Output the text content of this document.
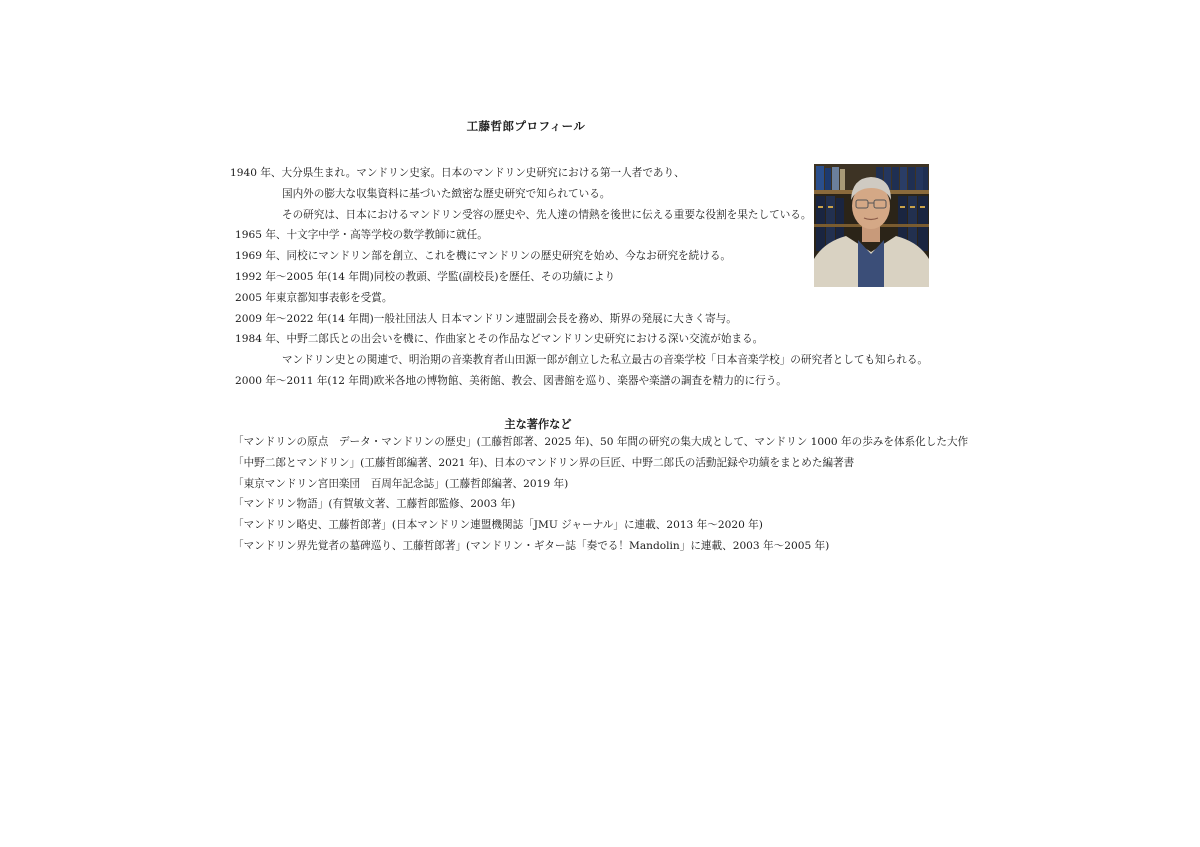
工藤哲郎プロフィール
1940 年、大分県生まれ。マンドリン史家。日本のマンドリン史研究における第一人者であり、
国内外の膨大な収集資料に基づいた緻密な歴史研究で知られている。
その研究は、日本におけるマンドリン受容の歴史や、先人達の情熱を後世に伝える重要な役割を果たしている。
1965 年、十文字中学・高等学校の数学教師に就任。
1969 年、同校にマンドリン部を創立、これを機にマンドリンの歴史研究を始め、今なお研究を続ける。
1992 年～2005 年(14 年間)同校の教頭、学監(副校長)を歴任、その功績により
2005 年東京都知事表彰を受賞。
2009 年～2022 年(14 年間)一般社団法人 日本マンドリン連盟副会長を務め、斯界の発展に大きく寄与。
1984 年、中野二郎氏との出会いを機に、作曲家とその作品などマンドリン史研究における深い交流が始まる。
マンドリン史との関連で、明治期の音楽教育者山田源一郎が創立した私立最古の音楽学校「日本音楽学校」の研究者としても知られる。
2000 年～2011 年(12 年間)欧米各地の博物館、美術館、教会、図書館を巡り、楽器や楽譜の調査を精力的に行う。
主な著作など
「マンドリンの原点　データ・マンドリンの歴史」(工藤哲郎著、2025 年)、50 年間の研究の集大成として、マンドリン 1000 年の歩みを体系化した大作
「中野二郎とマンドリン」(工藤哲郎編著、2021 年)、日本のマンドリン界の巨匠、中野二郎氏の活動記録や功績をまとめた編著書
「東京マンドリン宮田楽団　百周年記念誌」(工藤哲郎編著、2019 年)
「マンドリン物語」(有賀敏文著、工藤哲郎監修、2003 年)
「マンドリン略史、工藤哲郎著」(日本マンドリン連盟機関誌「JMU ジャーナル」に連載、2013 年～2020 年)
「マンドリン界先覚者の墓碑巡り、工藤哲郎著」(マンドリン・ギター誌「奏でる！Mandolin」に連載、2003 年～2005 年)
